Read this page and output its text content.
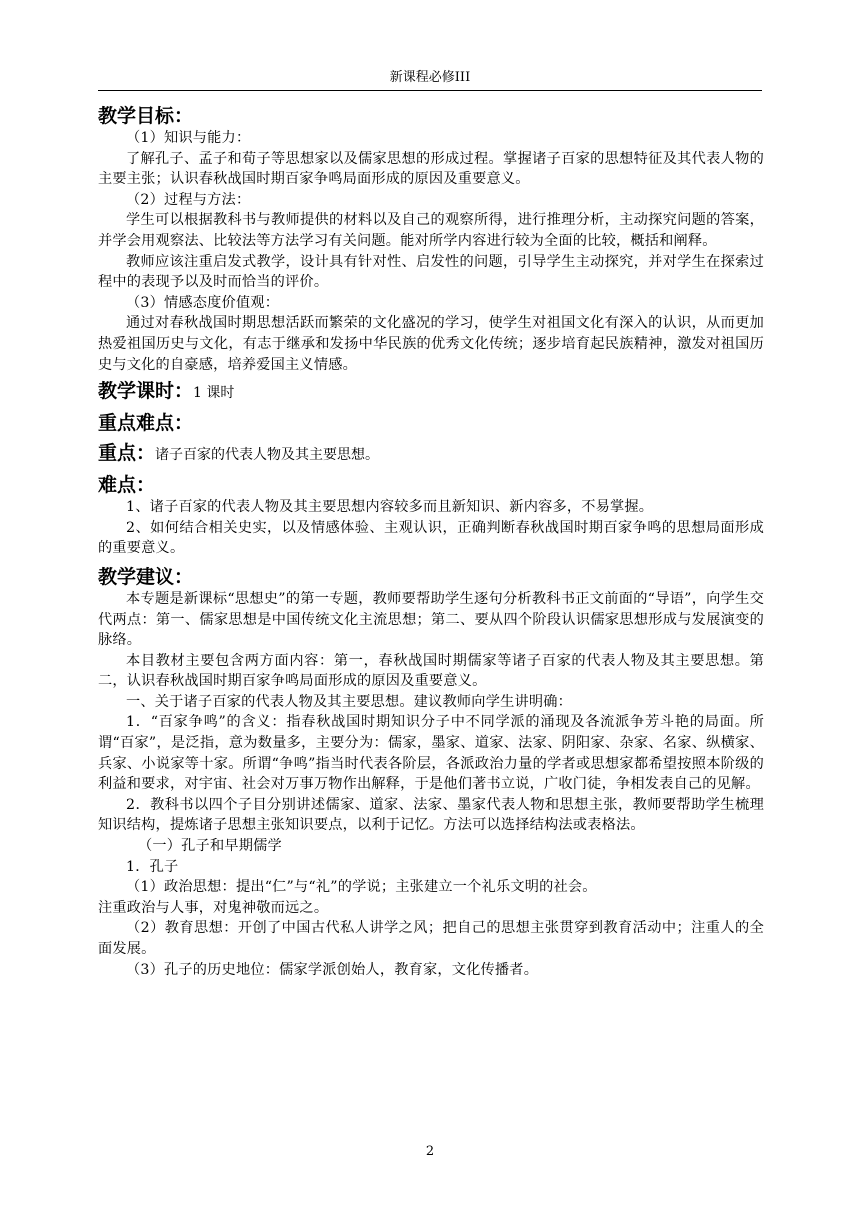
新课程必修III
教学目标：
（1）知识与能力：
了解孔子、孟子和荀子等思想家以及儒家思想的形成过程。掌握诸子百家的思想特征及其代表人物的主要主张；认识春秋战国时期百家争鸣局面形成的原因及重要意义。
（2）过程与方法：
学生可以根据教科书与教师提供的材料以及自己的观察所得，进行推理分析，主动探究问题的答案，并学会用观察法、比较法等方法学习有关问题。能对所学内容进行较为全面的比较，概括和阐释。
教师应该注重启发式教学，设计具有针对性、启发性的问题，引导学生主动探究，并对学生在探索过程中的表现予以及时而恰当的评价。
（3）情感态度价值观：
通过对春秋战国时期思想活跃而繁荣的文化盛况的学习，使学生对祖国文化有深入的认识，从而更加热爱祖国历史与文化，有志于继承和发扬中华民族的优秀文化传统；逐步培育起民族精神，激发对祖国历史与文化的自豪感，培养爱国主义情感。
教学课时：1 课时
重点难点：
重点：诸子百家的代表人物及其主要思想。
难点：
1、诸子百家的代表人物及其主要思想内容较多而且新知识、新内容多，不易掌握。
2、如何结合相关史实，以及情感体验、主观认识，正确判断春秋战国时期百家争鸣的思想局面形成的重要意义。
教学建议：
本专题是新课标“思想史”的第一专题，教师要帮助学生逐句分析教科书正文前面的“导语”，向学生交代两点：第一、儒家思想是中国传统文化主流思想；第二、要从四个阶段认识儒家思想形成与发展演变的脉络。
本目教材主要包含两方面内容：第一，春秋战国时期儒家等诸子百家的代表人物及其主要思想。第二，认识春秋战国时期百家争鸣局面形成的原因及重要意义。
一、关于诸子百家的代表人物及其主要思想。建议教师向学生讲明确：
1．“百家争鸣”的含义：指春秋战国时期知识分子中不同学派的涌现及各流派争芳斗艳的局面。所谓“百家”，是泛指，意为数量多，主要分为：儒家，墨家、道家、法家、阴阳家、杂家、名家、纵横家、兵家、小说家等十家。所谓“争鸣”指当时代表各阶层，各派政治力量的学者或思想家都希望按照本阶级的利益和要求，对宇宙、社会对万事万物作出解释，于是他们著书立说，广收门徒，争相发表自己的见解。
2．教科书以四个子目分别讲述儒家、道家、法家、墨家代表人物和思想主张，教师要帮助学生梳理知识结构，提炼诸子思想主张知识要点，以利于记忆。方法可以选择结构法或表格法。
（一）孔子和早期儒学
1．孔子
（1）政治思想：提出“仁”与“礼”的学说；主张建立一个礼乐文明的社会。
注重政治与人事，对鬼神敬而远之。
（2）教育思想：开创了中国古代私人讲学之风；把自己的思想主张贯穿到教育活动中；注重人的全面发展。
（3）孔子的历史地位：儒家学派创始人，教育家，文化传播者。
2
